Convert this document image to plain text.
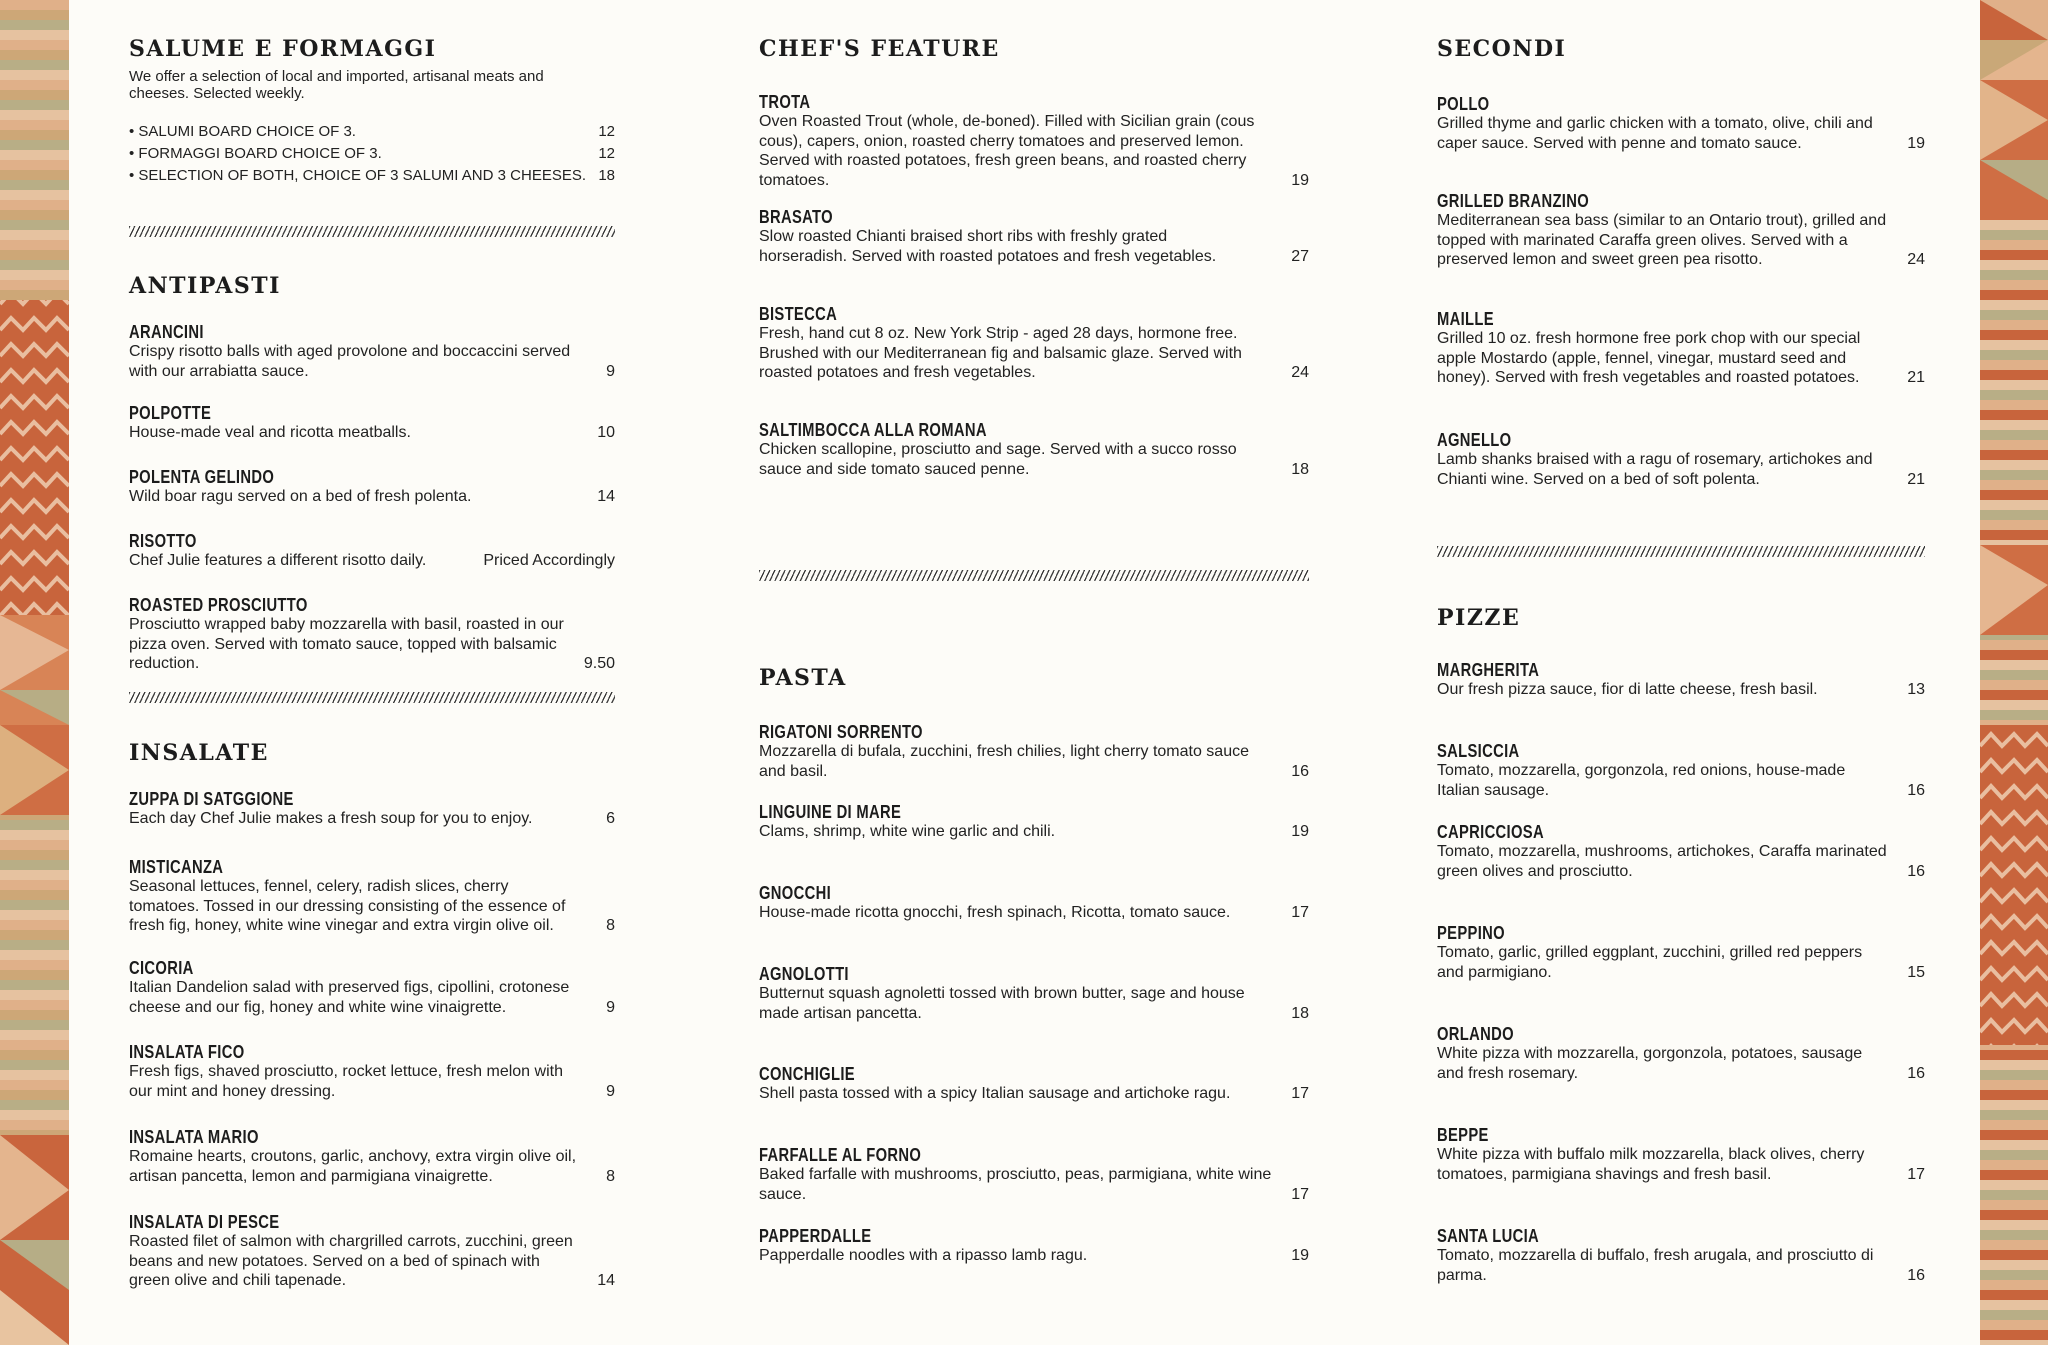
SALUME E FORMAGGI
We offer a selection of local and imported, artisanal meats and cheeses. Selected weekly.
• SALUMI BOARD CHOICE OF 3.	12
• FORMAGGI BOARD CHOICE OF 3.	12
• SELECTION OF BOTH, CHOICE OF 3 SALUMI AND 3 CHEESES. 18
ANTIPASTI
ARANCINI
Crispy risotto balls with aged provolone and boccaccini served with our arrabiatta sauce.	9
POLPOTTE
House-made veal and ricotta meatballs.	10
POLENTA GELINDO
Wild boar ragu served on a bed of fresh polenta.	14
RISOTTO
Chef Julie features a different risotto daily.	Priced Accordingly
ROASTED PROSCIUTTO
Prosciutto wrapped baby mozzarella with basil, roasted in our pizza oven. Served with tomato sauce, topped with balsamic reduction.	9.50
INSALATE
ZUPPA DI SATGGIONE
Each day Chef Julie makes a fresh soup for you to enjoy.	6
MISTICANZA
Seasonal lettuces, fennel, celery, radish slices, cherry tomatoes. Tossed in our dressing consisting of the essence of fresh fig, honey, white wine vinegar and extra virgin olive oil.	8
CICORIA
Italian Dandelion salad with preserved figs, cipollini, crotonese cheese and our fig, honey and white wine vinaigrette.	9
INSALATA FICO
Fresh figs, shaved prosciutto, rocket lettuce, fresh melon with our mint and honey dressing.	9
INSALATA MARIO
Romaine hearts, croutons, garlic, anchovy, extra virgin olive oil, artisan pancetta, lemon and parmigiana vinaigrette.	8
INSALATA DI PESCE
Roasted filet of salmon with chargrilled carrots, zucchini, green beans and new potatoes. Served on a bed of spinach with green olive and chili tapenade.	14
CHEF'S FEATURE
TROTA
Oven Roasted Trout (whole, de-boned). Filled with Sicilian grain (cous cous), capers, onion, roasted cherry tomatoes and preserved lemon. Served with roasted potatoes, fresh green beans, and roasted cherry tomatoes.	19
BRASATO
Slow roasted Chianti braised short ribs with freshly grated horseradish. Served with roasted potatoes and fresh vegetables.	27
BISTECCA
Fresh, hand cut 8 oz. New York Strip - aged 28 days, hormone free. Brushed with our Mediterranean fig and balsamic glaze. Served with roasted potatoes and fresh vegetables.	24
SALTIMBOCCA ALLA ROMANA
Chicken scallopine, prosciutto and sage. Served with a succo rosso sauce and side tomato sauced penne.	18
PASTA
RIGATONI SORRENTO
Mozzarella di bufala, zucchini, fresh chilies, light cherry tomato sauce and basil.	16
LINGUINE DI MARE
Clams, shrimp, white wine garlic and chili.	19
GNOCCHI
House-made ricotta gnocchi, fresh spinach, Ricotta, tomato sauce.	17
AGNOLOTTI
Butternut squash agnoletti tossed with brown butter, sage and house made artisan pancetta.	18
CONCHIGLIE
Shell pasta tossed with a spicy Italian sausage and artichoke ragu.	17
FARFALLE AL FORNO
Baked farfalle with mushrooms, prosciutto, peas, parmigiana, white wine sauce.	17
PAPPERDALLE
Papperdalle noodles with a ripasso lamb ragu.	19
SECONDI
POLLO
Grilled thyme and garlic chicken with a tomato, olive, chili and caper sauce. Served with penne and tomato sauce.	19
GRILLED BRANZINO
Mediterranean sea bass (similar to an Ontario trout), grilled and topped with marinated Caraffa green olives. Served with a preserved lemon and sweet green pea risotto.	24
MAILLE
Grilled 10 oz. fresh hormone free pork chop with our special apple Mostardo (apple, fennel, vinegar, mustard seed and honey). Served with fresh vegetables and roasted potatoes.	21
AGNELLO
Lamb shanks braised with a ragu of rosemary, artichokes and Chianti wine. Served on a bed of soft polenta.	21
PIZZE
MARGHERITA
Our fresh pizza sauce, fior di latte cheese, fresh basil.	13
SALSICCIA
Tomato, mozzarella, gorgonzola, red onions, house-made Italian sausage.	16
CAPRICCIOSA
Tomato, mozzarella, mushrooms, artichokes, Caraffa marinated green olives and prosciutto.	16
PEPPINO
Tomato, garlic, grilled eggplant, zucchini, grilled red peppers and parmigiano.	15
ORLANDO
White pizza with mozzarella, gorgonzola, potatoes, sausage and fresh rosemary.	16
BEPPE
White pizza with buffalo milk mozzarella, black olives, cherry tomatoes, parmigiana shavings and fresh basil.	17
SANTA LUCIA
Tomato, mozzarella di buffalo, fresh arugala, and prosciutto di parma.	16
